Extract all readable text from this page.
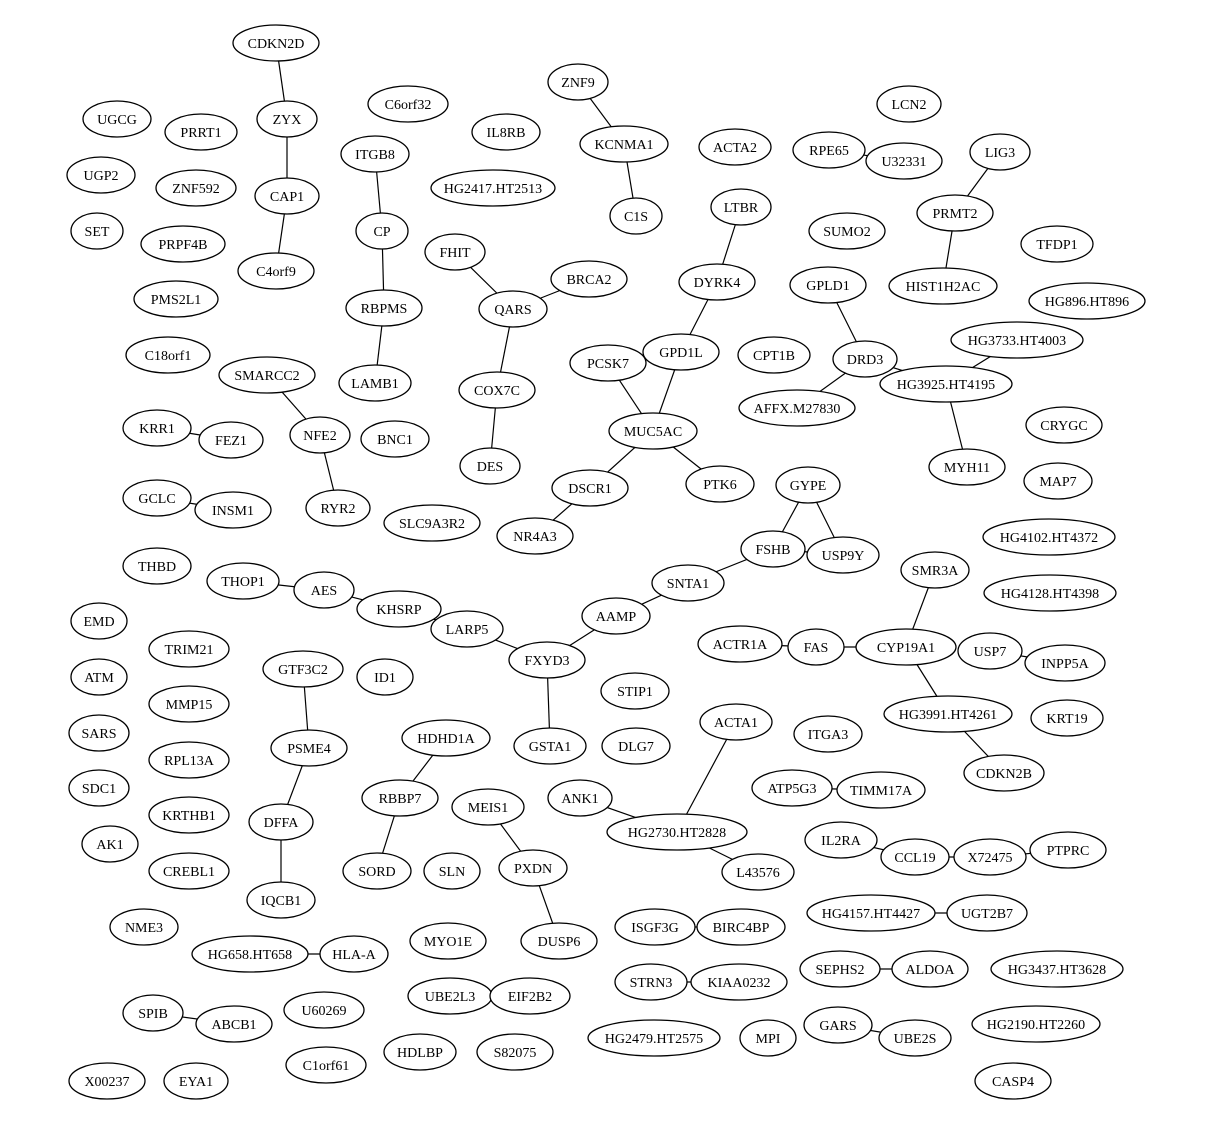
CDKN2D
ZYX
CAP1
C4orf9
UGCG
PRRT1
UGP2
ZNF592
SET
PRPF4B
PMS2L1
C18orf1
C6orf32
ITGB8
CP
RBPMS
LAMB1
IL8RB
HG2417.HT2513
ZNF9
KCNMA1
C1S
ACTA2
FHIT
BRCA2
QARS
COX7C
DES
LTBR
DYRK4
GPD1L
PCSK7
MUC5AC
DSCR1	PTK6
NR4A3
RPE65
U32331
LCN2
SUMO2
LIG3
PRMT2
HIST1H2AC
TFDP1
GPLD1
DRD3
AFFX.M27830
CPT1B
HG896.HT896
HG3733.HT4003
HG3925.HT4195
MYH11
CRYGC
MAP7
SMARCC2
NFE2
RYR2
BNC1
KRR1
FEZ1
GCLC
INSM1
SLC9A3R2
THBD
GYPE
FSHB USP9Y
SNTA1
AAMP
FXYD3
LARP5
KHSRP
AES
THOP1
GSTA1
HG4102.HT4372
HG4128.HT4398
SMR3A
ACTR1A	FAS	CYP19A1
HG3991.HT4261
CDKN2B
USP7
INPP5A
KRT19
EMD
TRIM21
ATM
MMP15
SARS
RPL13A
SDC1
KRTHB1
AK1
CREBL1
GTF3C2
PSME4
DFFA
IQCB1
ID1
STIP1
DLG7
HDHD1A
RBBP7
SORD	SLN
MEIS1
PXDN
DUSP6
ACTA1
ANK1
HG2730.HT2828
L43576
ITGA3
ATP5G3 TIMM17A
IL2RA
CCL19 X72475 PTPRC
NME3
HG658.HT658	HLA-A
MYO1E
ISGF3G BIRC4BP
HG4157.HT4427	UGT2B7
SEPHS2	ALDOA	HG3437.HT3628
STRN3	KIAA0232
SPIB
ABCB1
U60269
UBE2L3 EIF2B2
GARS
UBE2S
HG2190.HT2260
HG2479.HT2575	MPI
C1orf61
HDLBP	S82075
X00237	EYA1	CASP4
